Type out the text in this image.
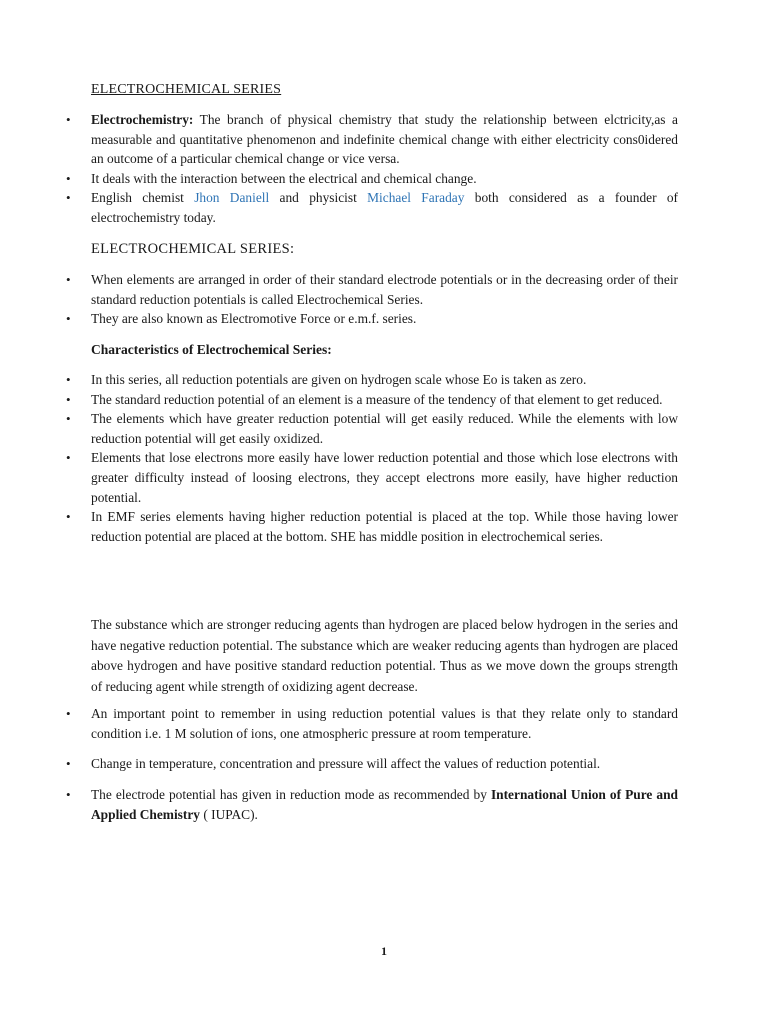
ELECTROCHEMICAL SERIES
• Electrochemistry: The branch of physical chemistry that study the relationship between elctricity,as a measurable and quantitative phenomenon and indefinite chemical change with either electricity cons0idered an outcome of a particular chemical change or vice versa.
• It deals with the interaction between the electrical and chemical change.
• English chemist Jhon Daniell and physicist Michael Faraday both considered as a founder of electrochemistry today.
ELECTROCHEMICAL SERIES:
• When elements are arranged in order of their standard electrode potentials or in the decreasing order of their standard reduction potentials is called Electrochemical Series.
• They are also known as Electromotive Force or e.m.f. series.
Characteristics of Electrochemical Series:
• In this series, all reduction potentials are given on hydrogen scale whose Eo is taken as zero.
• The standard reduction potential of an element is a measure of the tendency of that element to get reduced.
• The elements which have greater reduction potential will get easily reduced. While the elements with low reduction potential will get easily oxidized.
• Elements that lose electrons more easily have lower reduction potential and those which lose electrons with greater difficulty instead of loosing electrons, they accept electrons more easily, have higher reduction potential.
• In EMF series elements having higher reduction potential is placed at the top. While those having lower reduction potential are placed at the bottom. SHE has middle position in electrochemical series.
The substance which are stronger reducing agents than hydrogen are placed below hydrogen in the series and have negative reduction potential. The substance which are weaker reducing agents than hydrogen are placed above hydrogen and have positive standard reduction potential. Thus as we move down the groups strength of reducing agent while strength of oxidizing agent decrease.
• An important point to remember in using reduction potential values is that they relate only to standard condition i.e. 1 M solution of ions, one atmospheric pressure at room temperature.
• Change in temperature, concentration and pressure will affect the values of reduction potential.
• The electrode potential has given in reduction mode as recommended by International Union of Pure and Applied Chemistry ( IUPAC).
1
